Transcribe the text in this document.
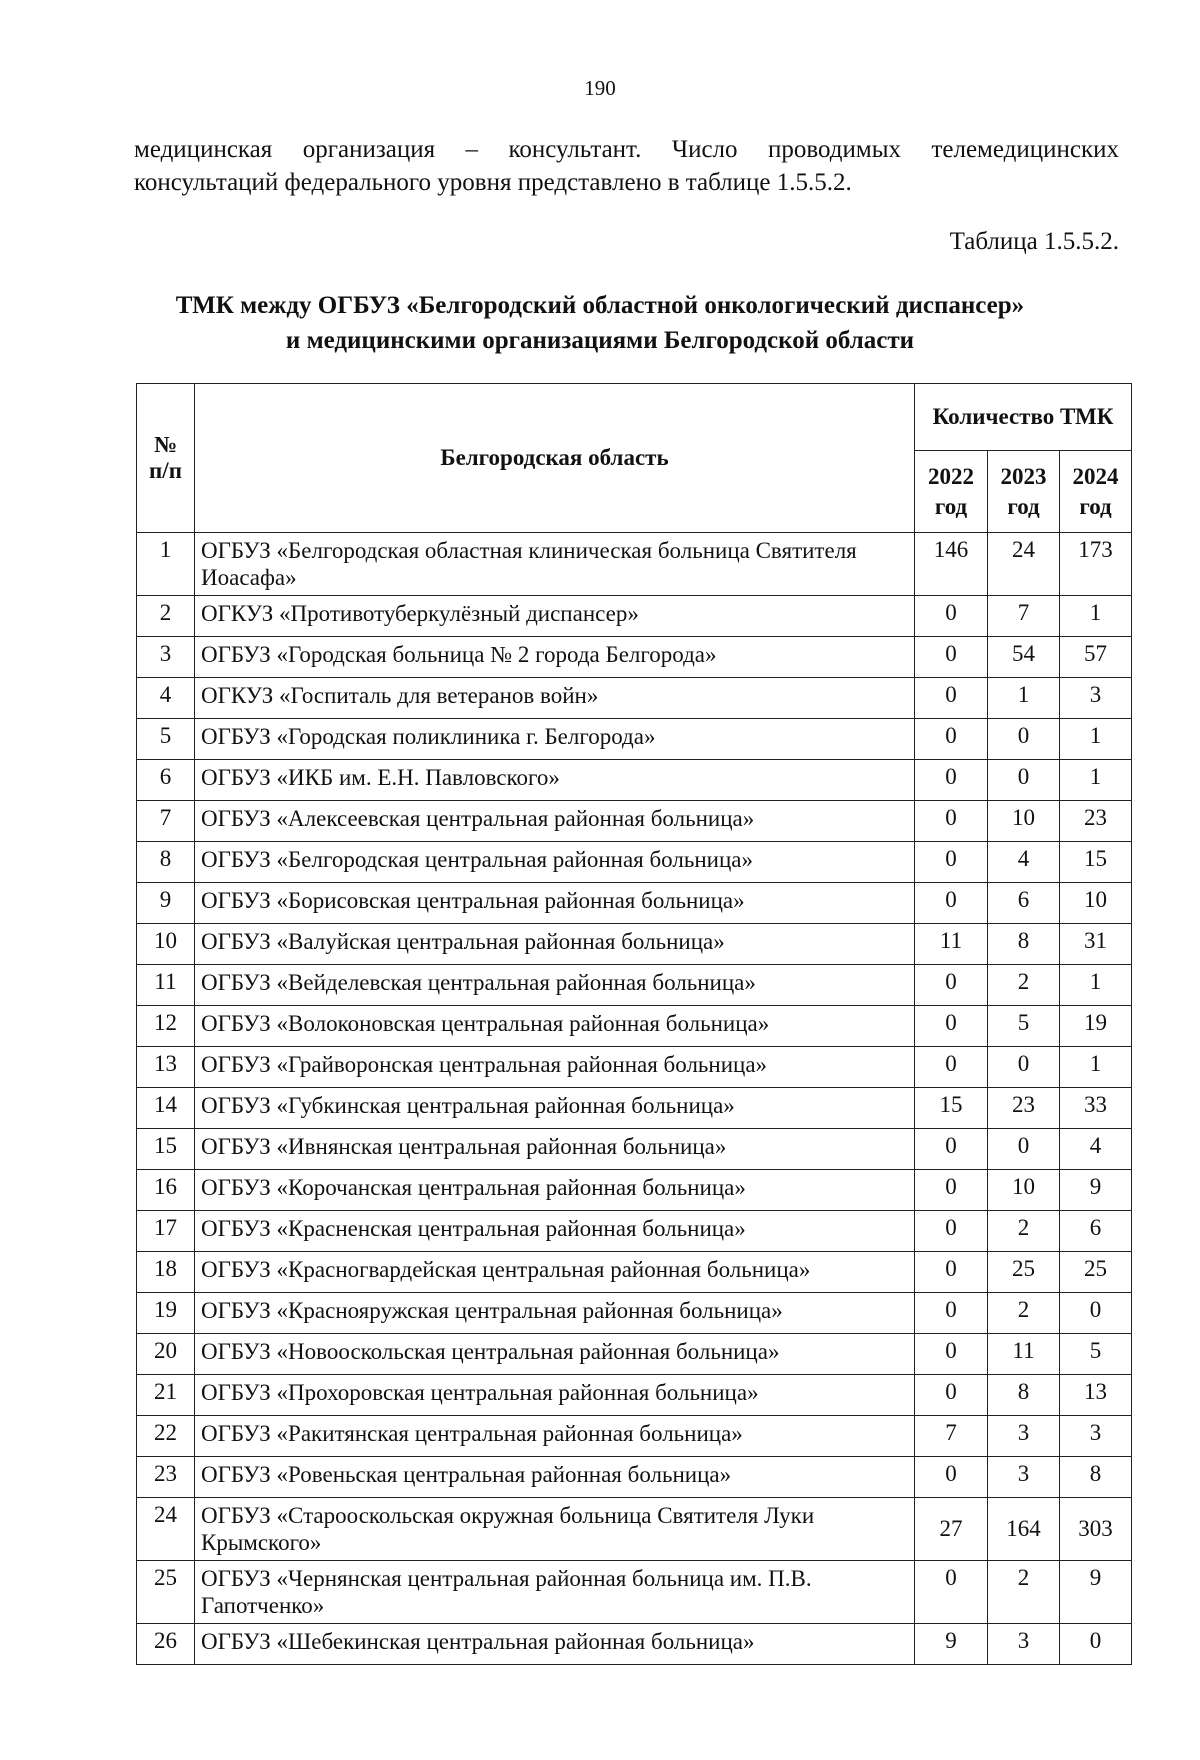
190
медицинская организация – консультант. Число проводимых телемедицинских
консультаций федерального уровня представлено в таблице 1.5.5.2.
Таблица 1.5.5.2.
ТМК между ОГБУЗ «Белгородский областной онкологический диспансер»
и медицинскими организациями Белгородской области
№ п/п	Белгородская область	Количество ТМК		
		2022 год	2023 год	2024 год
1	ОГБУЗ «Белгородская областная клиническая больница Святителя Иоасафа»	146	24	173
2	ОГКУЗ «Противотуберкулёзный диспансер»	0	7	1
3	ОГБУЗ «Городская больница № 2 города Белгорода»	0	54	57
4	ОГКУЗ «Госпиталь для ветеранов войн»	0	1	3
5	ОГБУЗ «Городская поликлиника г. Белгорода»	0	0	1
6	ОГБУЗ «ИКБ им. Е.Н. Павловского»	0	0	1
7	ОГБУЗ «Алексеевская центральная районная больница»	0	10	23
8	ОГБУЗ «Белгородская центральная районная больница»	0	4	15
9	ОГБУЗ «Борисовская центральная районная больница»	0	6	10
10	ОГБУЗ «Валуйская центральная районная больница»	11	8	31
11	ОГБУЗ «Вейделевская центральная районная больница»	0	2	1
12	ОГБУЗ «Волоконовская центральная районная больница»	0	5	19
13	ОГБУЗ «Грайворонская центральная районная больница»	0	0	1
14	ОГБУЗ «Губкинская центральная районная больница»	15	23	33
15	ОГБУЗ «Ивнянская центральная районная больница»	0	0	4
16	ОГБУЗ «Корочанская центральная районная больница»	0	10	9
17	ОГБУЗ «Красненская центральная районная больница»	0	2	6
18	ОГБУЗ «Красногвардейская центральная районная больница»	0	25	25
19	ОГБУЗ «Краснояружская центральная районная больница»	0	2	0
20	ОГБУЗ «Новооскольская центральная районная больница»	0	11	5
21	ОГБУЗ «Прохоровская центральная районная больница»	0	8	13
22	ОГБУЗ «Ракитянская центральная районная больница»	7	3	3
23	ОГБУЗ «Ровеньская центральная районная больница»	0	3	8
24	ОГБУЗ «Старооскольская окружная больница Святителя Луки Крымского»	27	164	303
25	ОГБУЗ «Чернянская центральная районная больница им. П.В. Гапотченко»	0	2	9
26	ОГБУЗ «Шебекинская центральная районная больница»	9	3	0
